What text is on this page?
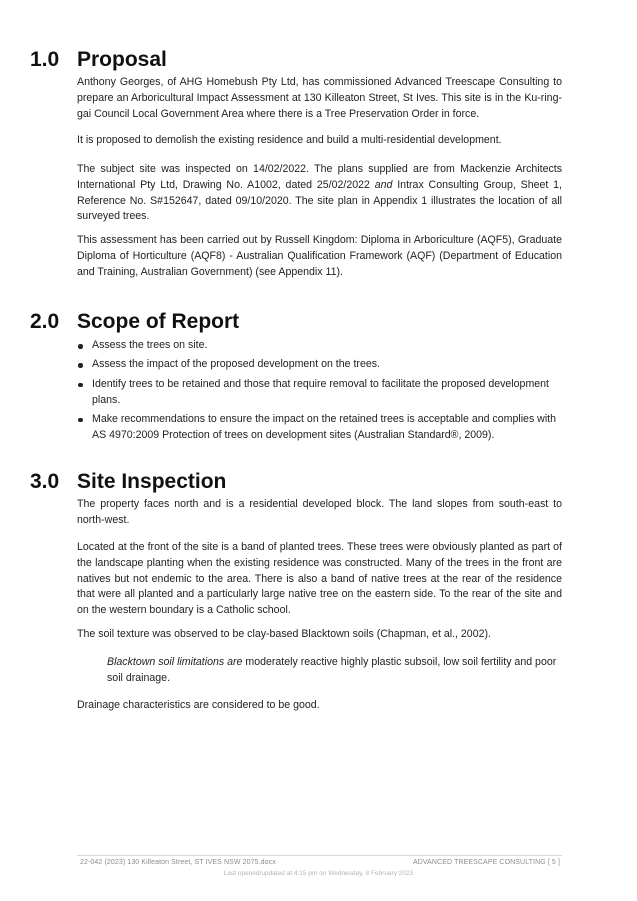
1.0 Proposal

Anthony Georges, of AHG Homebush Pty Ltd, has commissioned Advanced Treescape Consulting to prepare an Arboricultural Impact Assessment at 130 Killeaton Street, St Ives. This site is in the Ku-ring-gai Council Local Government Area where there is a Tree Preservation Order in force.

It is proposed to demolish the existing residence and build a multi-residential development.

The subject site was inspected on 14/02/2022. The plans supplied are from Mackenzie Architects International Pty Ltd, Drawing No. A1002, dated 25/02/2022 and Intrax Consulting Group, Sheet 1, Reference No. S#152647, dated 09/10/2020. The site plan in Appendix 1 illustrates the location of all surveyed trees.

This assessment has been carried out by Russell Kingdom: Diploma in Arboriculture (AQF5), Graduate Diploma of Horticulture (AQF8) - Australian Qualification Framework (AQF) (Department of Education and Training, Australian Government) (see Appendix 11).

2.0 Scope of Report
Assess the trees on site.
Assess the impact of the proposed development on the trees.
Identify trees to be retained and those that require removal to facilitate the proposed development plans.
Make recommendations to ensure the impact on the retained trees is acceptable and complies with AS 4970:2009 Protection of trees on development sites (Australian Standard®, 2009).
3.0 Site Inspection

The property faces north and is a residential developed block. The land slopes from south-east to north-west.

Located at the front of the site is a band of planted trees. These trees were obviously planted as part of the landscape planting when the existing residence was constructed. Many of the trees in the front are natives but not endemic to the area. There is also a band of native trees at the rear of the residence that were all planted and a particularly large native tree on the eastern side. To the rear of the site and on the western boundary is a Catholic school.

The soil texture was observed to be clay-based Blacktown soils (Chapman, et al., 2002).

Blacktown soil limitations are moderately reactive highly plastic subsoil, low soil fertility and poor soil drainage.

Drainage characteristics are considered to be good.

22-042 (2023) 130 Killeaton Street, ST IVES NSW 2075.docx	ADVANCED TREESCAPE CONSULTING [ 5 ]
Last opened/updated at 4:15 pm on Wednesday, 8 February 2023
